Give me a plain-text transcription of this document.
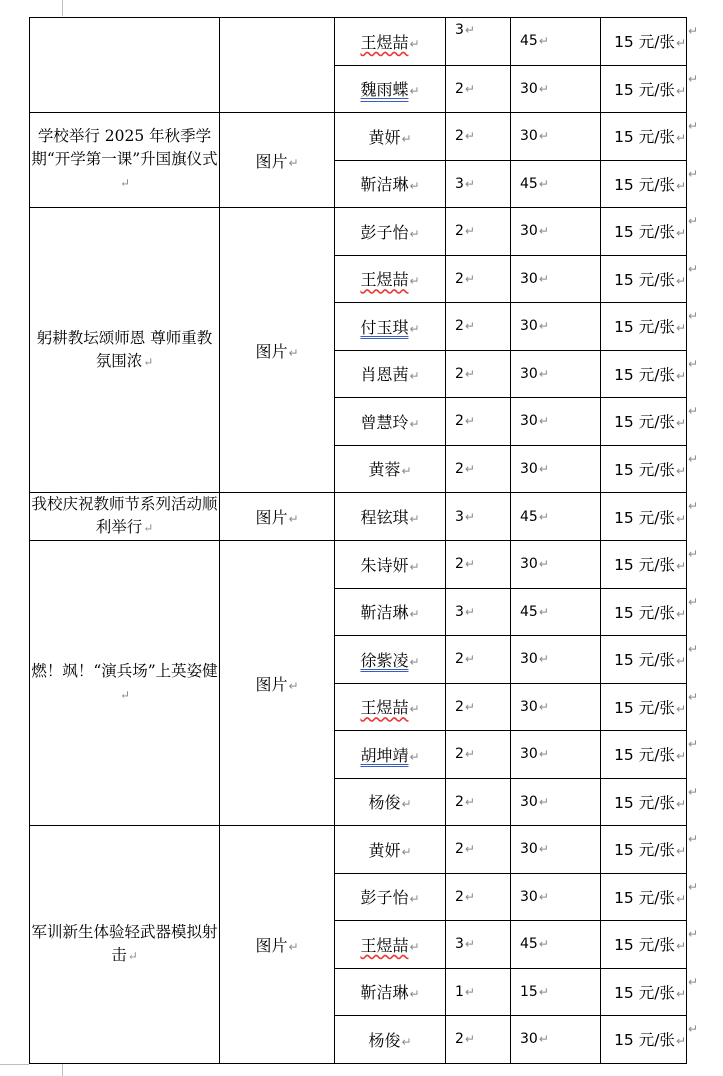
		王煜喆↵	3↵	45↵	15 元/张
↵
↵
		魏雨蝶↵	2↵	30↵	15 元/张
↵
↵
学校举行 2025 年秋季学期“开学第一课”升国旗仪式↵	图片↵	黄妍↵	2↵	30↵	15 元/张
↵
↵
		靳洁琳↵	3↵	45↵	15 元/张
↵
↵
躬耕教坛颂师恩 尊师重教氛围浓↵	图片↵	彭子怡↵	2↵	30↵	15 元/张
↵
↵
		王煜喆↵	2↵	30↵	15 元/张
↵
↵
		付玉琪↵	2↵	30↵	15 元/张
↵
↵
		肖恩茜↵	2↵	30↵	15 元/张
↵
↵
		曾慧玲↵	2↵	30↵	15 元/张
↵
↵
		黄蓉↵	2↵	30↵	15 元/张
↵
↵
我校庆祝教师节系列活动顺利举行↵	图片↵	程铉琪↵	3↵	45↵	15 元/张
↵
↵
燃！飒！“演兵场”上英姿健↵	图片↵	朱诗妍↵	2↵	30↵	15 元/张
↵
↵
		靳洁琳↵	3↵	45↵	15 元/张
↵
↵
		徐紫凌↵	2↵	30↵	15 元/张
↵
↵
		王煜喆↵	2↵	30↵	15 元/张
↵
↵
		胡坤靖↵	2↵	30↵	15 元/张
↵
↵
		杨俊↵	2↵	30↵	15 元/张
↵
↵
军训新生体验轻武器模拟射击↵	图片↵	黄妍↵	2↵	30↵	15 元/张
↵
↵
		彭子怡↵	2↵	30↵	15 元/张
↵
↵
		王煜喆↵	3↵	45↵	15 元/张
↵
↵
		靳洁琳↵	1↵	15↵	15 元/张
↵
↵
		杨俊↵	2↵	30↵	15 元/张
↵
↵
